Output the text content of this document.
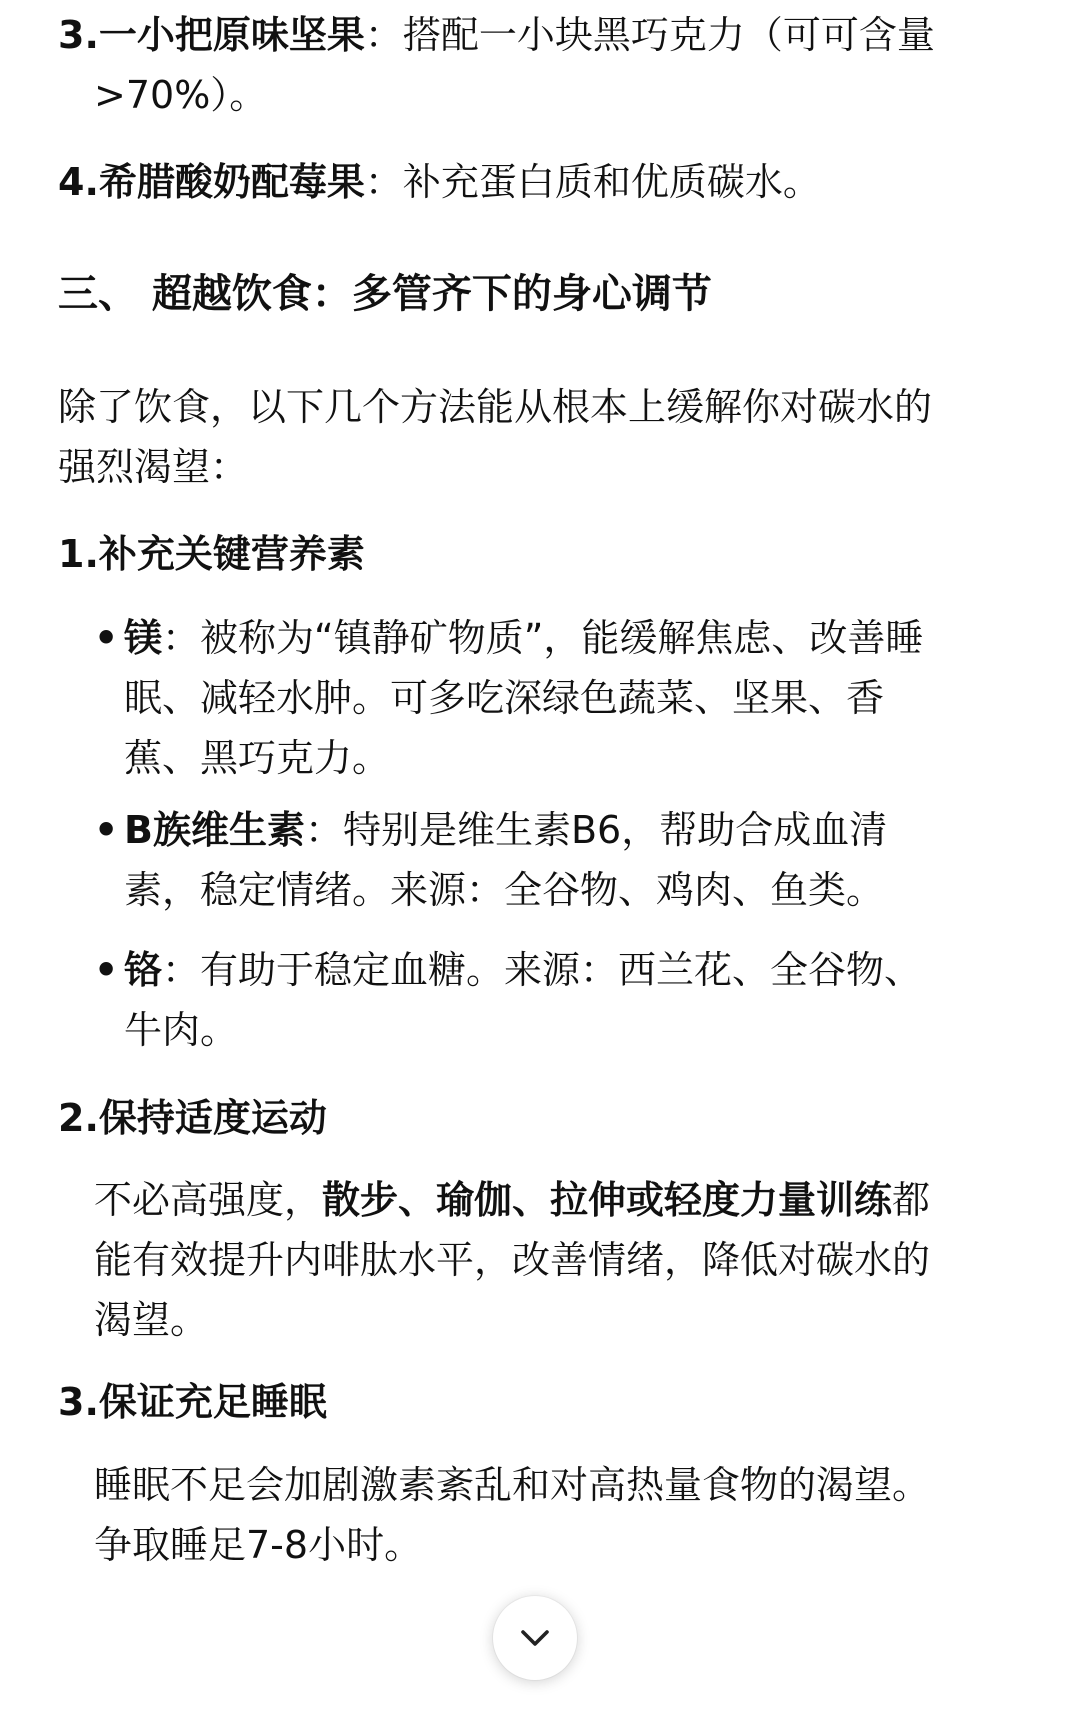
3.一小把原味坚果：搭配一小块黑巧克力（可可含量

>70%）。

4.希腊酸奶配莓果：补充蛋白质和优质碳水。

三、 超越饮食：多管齐下的身心调节

除了饮食，以下几个方法能从根本上缓解你对碳水的

强烈渴望：

1.补充关键营养素

• 镁：被称为“镇静矿物质”，能缓解焦虑、改善睡

眠、减轻水肿。可多吃深绿色蔬菜、坚果、香

蕉、黑巧克力。

• B族维生素：特别是维生素B6，帮助合成血清

素，稳定情绪。来源：全谷物、鸡肉、鱼类。

• 铬：有助于稳定血糖。来源：西兰花、全谷物、

牛肉。

2.保持适度运动

不必高强度，散步、瑜伽、拉伸或轻度力量训练都

能有效提升内啡肽水平，改善情绪，降低对碳水的

渴望。

3.保证充足睡眠

睡眠不足会加剧激素紊乱和对高热量食物的渴望。

争取睡足7-8小时。
